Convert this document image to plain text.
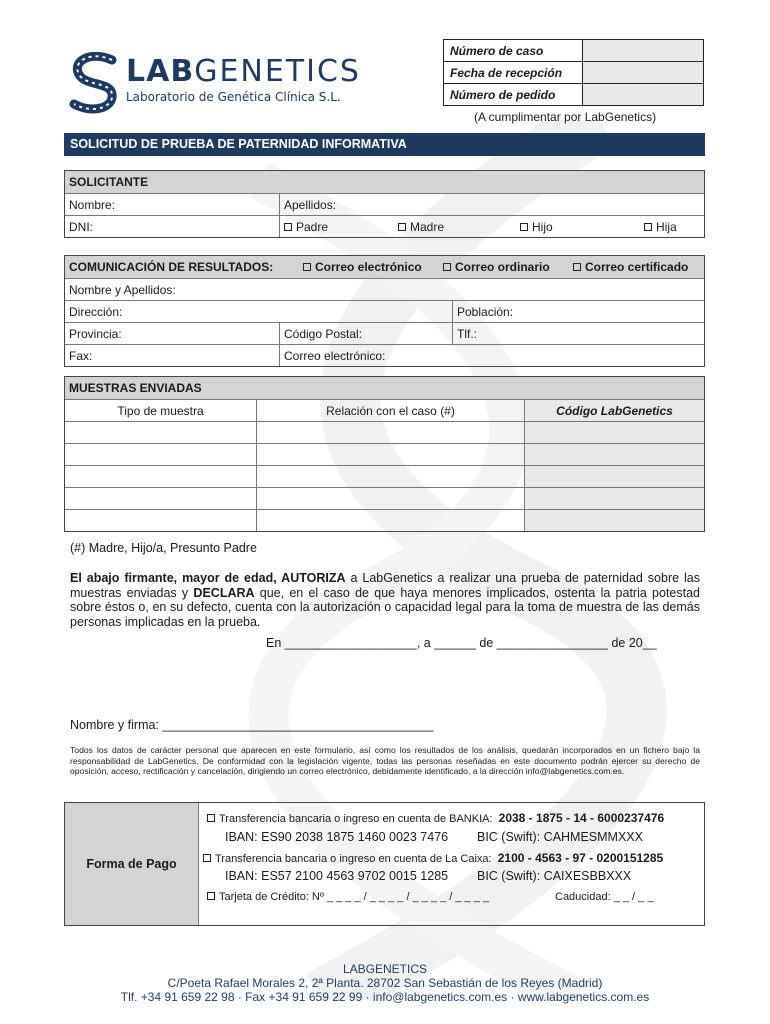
LABGENETICS
Laboratorio de Genética Clínica S.L.
Número de caso	
Fecha de recepción	
Número de pedido	
(A cumplimentar por LabGenetics)
SOLICITUD DE PRUEBA DE PATERNIDAD INFORMATIVA
SOLICITANTE
Nombre:	Apellidos:
DNI:	Padre	Madre	Hijo	Hija
COMUNICACIÓN DE RESULTADOS:	Correo electrónico	Correo ordinario	Correo certificado
Nombre y Apellidos:
Dirección:	Población:
Provincia:	Código Postal:	Tlf.:
Fax:	Correo electrónico:
MUESTRAS ENVIADAS
Tipo de muestra	Relación con el caso (#)	Código LabGenetics
(#) Madre, Hijo/a, Presunto Padre
El abajo firmante, mayor de edad, AUTORIZA a LabGenetics a realizar una prueba de paternidad sobre las muestras enviadas y DECLARA que, en el caso de que haya menores implicados, ostenta la patria potestad sobre éstos o, en su defecto, cuenta con la autorización o capacidad legal para la toma de muestra de las demás personas implicadas en la prueba.
En ___________________, a ______ de ________________ de 20__
Nombre y firma: _______________________________________
Todos los datos de carácter personal que aparecen en este formulario, así como los resultados de los análisis, quedarán incorporados en un fichero bajo la responsabilidad de LabGenetics. De conformidad con la legislación vigente, todas las personas reseñadas en este documento podrán ejercer su derecho de oposición, acceso, rectificación y cancelación, dirigiendo un correo electrónico, debidamente identificado, a la dirección info@labgenetics.com.es.
Forma de Pago
Transferencia bancaria o ingreso en cuenta de BANKIA: 2038 - 1875 - 14 - 6000237476
IBAN: ES90 2038 1875 1460 0023 7476 BIC (Swift): CAHMESMMXXX
Transferencia bancaria o ingreso en cuenta de La Caixa: 2100 - 4563 - 97 - 0200151285
IBAN: ES57 2100 4563 9702 0015 1285 BIC (Swift): CAIXESBBXXX
Tarjeta de Crédito: Nº _ _ _ _ / _ _ _ _ / _ _ _ _ / _ _ _ _	Caducidad: _ _ / _ _
LABGENETICS
C/Poeta Rafael Morales 2, 2ª Planta. 28702 San Sebastián de los Reyes (Madrid)
Tlf. +34 91 659 22 98 · Fax +34 91 659 22 99 · info@labgenetics.com.es · www.labgenetics.com.es
